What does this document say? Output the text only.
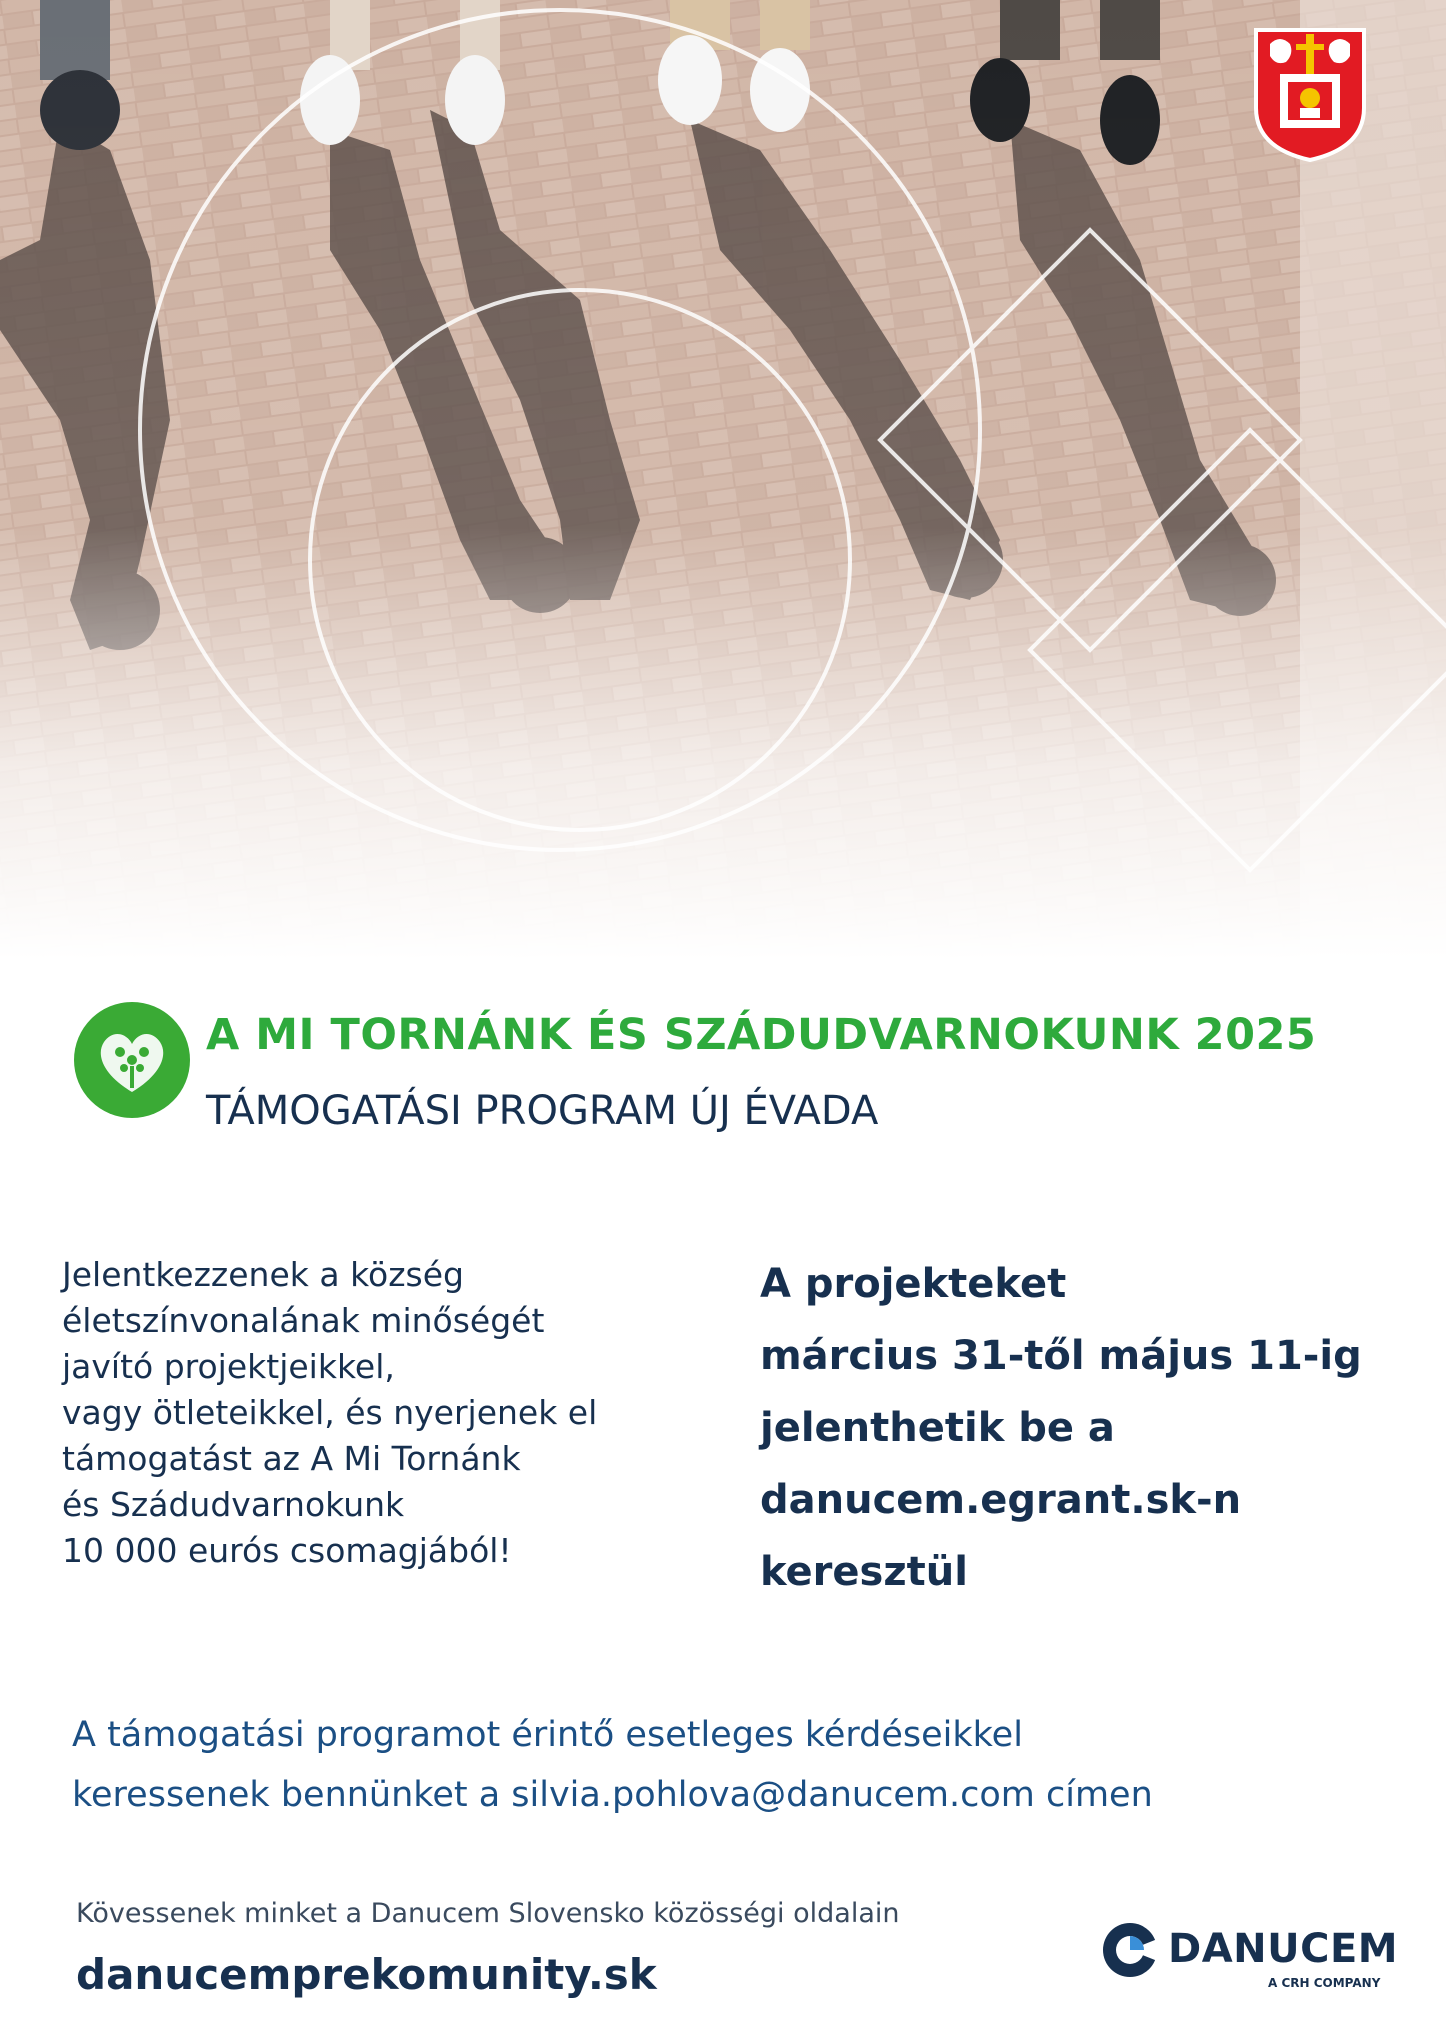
A MI TORNÁNK ÉS SZÁDUDVARNOKUNK 2025
TÁMOGATÁSI PROGRAM ÚJ ÉVADA
Jelentkezzenek a község
életszínvonalának minőségét
javító projektjeikkel,
vagy ötleteikkel, és nyerjenek el
támogatást az A Mi Tornánk
és Szádudvarnokunk
10 000 eurós csomagjából!
A projekteket
március 31-től május 11-ig
jelenthetik be a
danucem.egrant.sk-n
keresztül
A támogatási programot érintő esetleges kérdéseikkel
keressenek bennünket a silvia.pohlova@danucem.com címen
Kövessenek minket a Danucem Slovensko közösségi oldalain
danucemprekomunity.sk
DANUCEM
A CRH COMPANY
